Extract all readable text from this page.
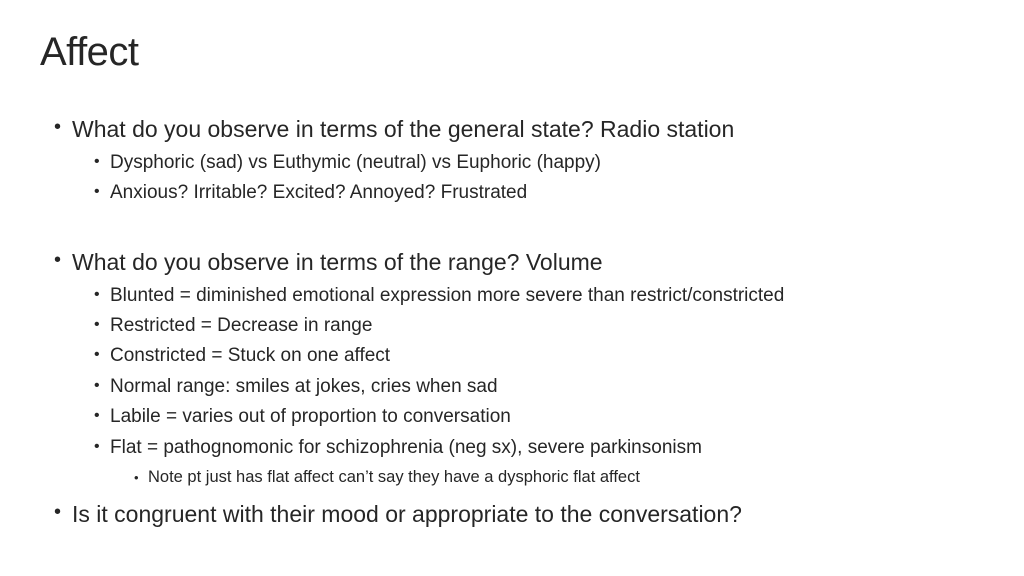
Affect
• What do you observe in terms of the general state? Radio station
• Dysphoric (sad) vs Euthymic (neutral) vs Euphoric (happy)
• Anxious? Irritable? Excited? Annoyed? Frustrated
• What do you observe in terms of the range? Volume
• Blunted = diminished emotional expression more severe than restrict/constricted
• Restricted = Decrease in range
• Constricted = Stuck on one affect
• Normal range: smiles at jokes, cries when sad
• Labile = varies out of proportion to conversation
• Flat = pathognomonic for schizophrenia (neg sx), severe parkinsonism
• Note pt just has flat affect can’t say they have a dysphoric flat affect
• Is it congruent with their mood or appropriate to the conversation?
